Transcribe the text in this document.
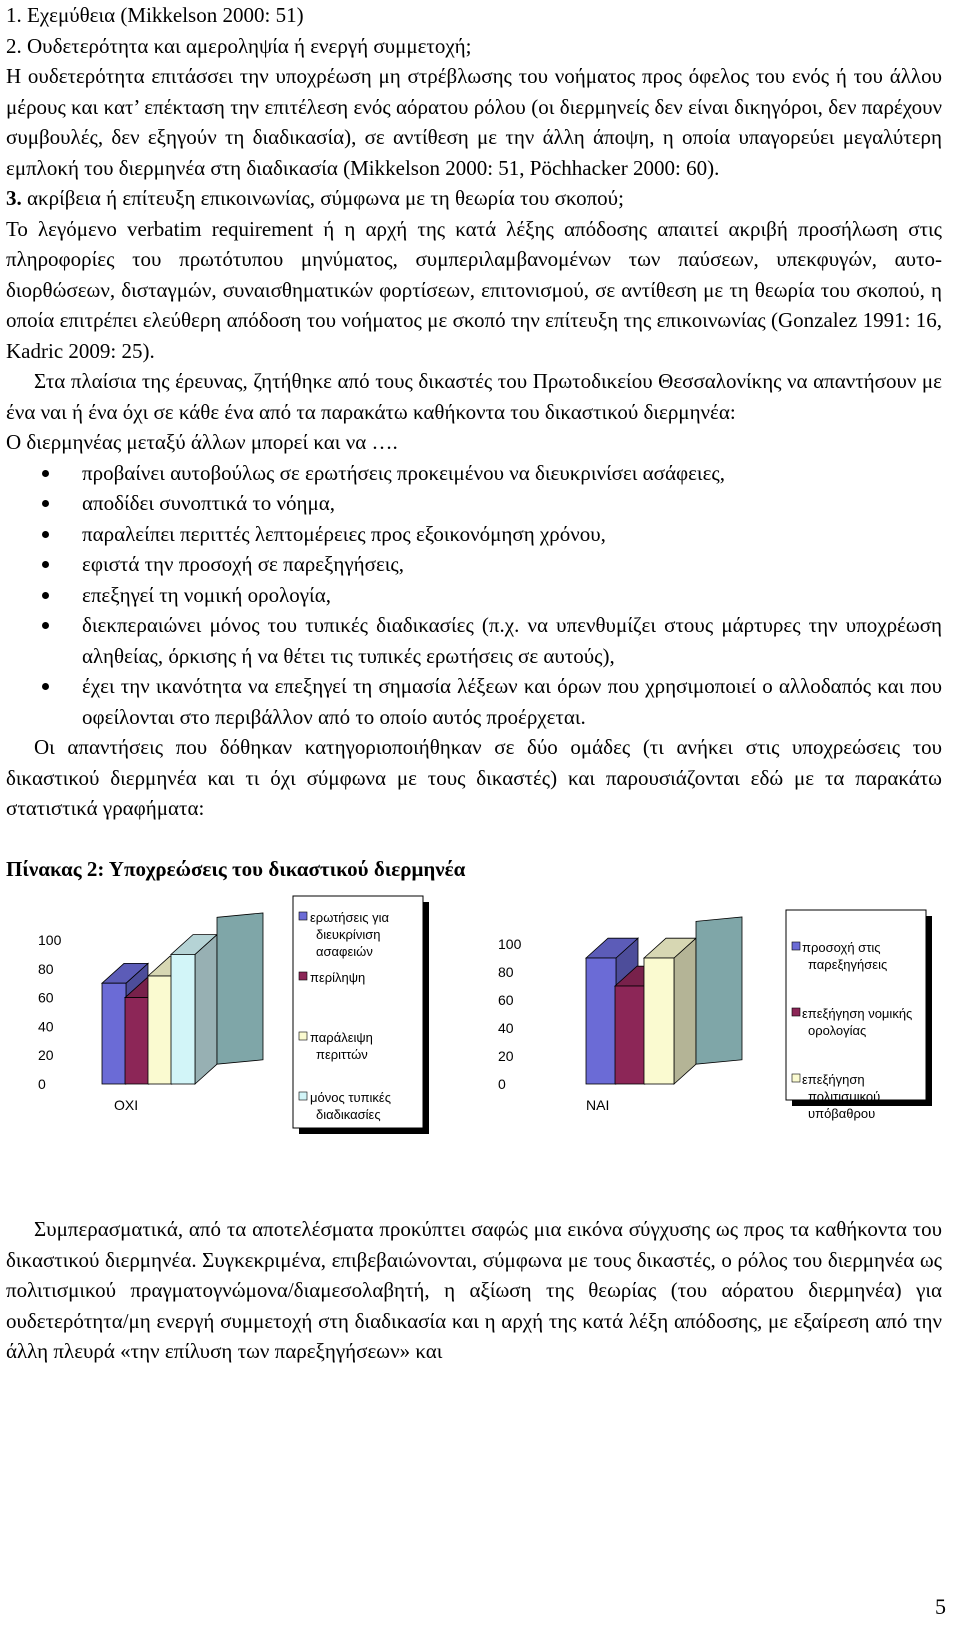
1. Εχεμύθεια (Mikkelson 2000: 51)

2. Ουδετερότητα και αμεροληψία ή ενεργή συμμετοχή;

Η ουδετερότητα επιτάσσει την υποχρέωση μη στρέβλωσης του νοήματος προς όφελος του ενός ή του άλλου μέρους και κατ’ επέκταση την επιτέλεση ενός αόρατου ρόλου (οι διερμηνείς δεν είναι δικηγόροι, δεν παρέχουν συμβουλές, δεν εξηγούν τη διαδικασία), σε αντίθεση με την άλλη άποψη, η οποία υπαγορεύει μεγαλύτερη εμπλοκή του διερμηνέα στη διαδικασία (Mikkelson 2000: 51, Pöchhacker 2000: 60).

3. ακρίβεια ή επίτευξη επικοινωνίας, σύμφωνα με τη θεωρία του σκοπού;

Το λεγόμενο verbatim requirement ή η αρχή της κατά λέξης απόδοσης απαιτεί ακριβή προσήλωση στις πληροφορίες του πρωτότυπου μηνύματος, συμπεριλαμβανομένων των παύσεων, υπεκφυγών, αυτο-διορθώσεων, δισταγμών, συναισθηματικών φορτίσεων, επιτονισμού, σε αντίθεση με τη θεωρία του σκοπού, η οποία επιτρέπει ελεύθερη απόδοση του νοήματος με σκοπό την επίτευξη της επικοινωνίας (Gonzalez 1991: 16, Kadric 2009: 25).

Στα πλαίσια της έρευνας, ζητήθηκε από τους δικαστές του Πρωτοδικείου Θεσσαλονίκης να απαντήσουν με ένα ναι ή ένα όχι σε κάθε ένα από τα παρακάτω καθήκοντα του δικαστικού διερμηνέα:

Ο διερμηνέας μεταξύ άλλων μπορεί και να ….

προβαίνει αυτοβούλως σε ερωτήσεις προκειμένου να διευκρινίσει ασάφειες,
αποδίδει συνοπτικά το νόημα,
παραλείπει περιττές λεπτομέρειες προς εξοικονόμηση χρόνου,
εφιστά την προσοχή σε παρεξηγήσεις,
επεξηγεί τη νομική ορολογία,
διεκπεραιώνει μόνος του τυπικές διαδικασίες (π.χ. να υπενθυμίζει στους μάρτυρες την υποχρέωση αληθείας, όρκισης ή να θέτει τις τυπικές ερωτήσεις σε αυτούς),
έχει την ικανότητα να επεξηγεί τη σημασία λέξεων και όρων που χρησιμοποιεί ο αλλοδαπός και που οφείλονται στο περιβάλλον από το οποίο αυτός προέρχεται.

Οι απαντήσεις που δόθηκαν κατηγοριοποιήθηκαν σε δύο ομάδες (τι ανήκει στις υποχρεώσεις του δικαστικού διερμηνέα και τι όχι σύμφωνα με τους δικαστές) και παρουσιάζονται εδώ με τα παρακάτω στατιστικά γραφήματα:

Πίνακας 2: Υποχρεώσεις του δικαστικού διερμηνέα

0
20
40
60
80
100
ΟΧΙ
ερωτήσεις για
διευκρίνιση
ασαφειών
περίληψη
παράλειψη
περιττών
μόνος τυπικές
διαδικασίες
0
20
40
60
80
100
ΝΑΙ
προσοχή στις
παρεξηγήσεις
επεξήγηση νομικής
ορολογίας
επεξήγηση
πολιτισμικού
υπόβαθρου

Συμπερασματικά, από τα αποτελέσματα προκύπτει σαφώς μια εικόνα σύγχυσης ως προς τα καθήκοντα του δικαστικού διερμηνέα. Συγκεκριμένα, επιβεβαιώνονται, σύμφωνα με τους δικαστές, ο ρόλος του διερμηνέα ως πολιτισμικού πραγματογνώμονα/διαμεσολαβητή, η αξίωση της θεωρίας (του αόρατου διερμηνέα) για ουδετερότητα/μη ενεργή συμμετοχή στη διαδικασία και η αρχή της κατά λέξη απόδοσης, με εξαίρεση από την άλλη πλευρά «την επίλυση των παρεξηγήσεων» και

5
